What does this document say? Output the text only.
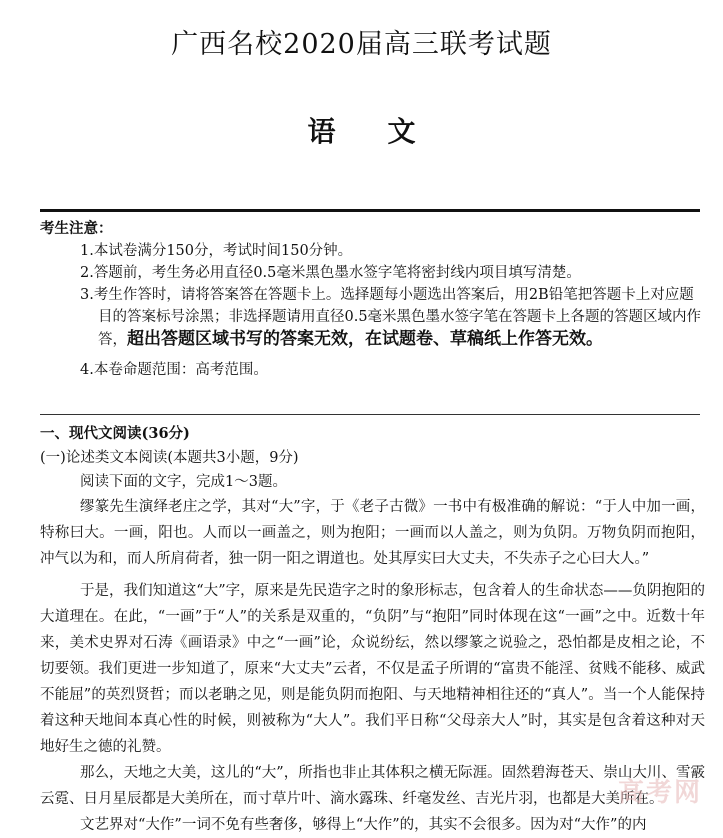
广西名校2020届高三联考试题
语文
考生注意：
1.本试卷满分150分，考试时间150分钟。
2.答题前，考生务必用直径0.5毫米黑色墨水签字笔将密封线内项目填写清楚。
3.考生作答时，请将答案答在答题卡上。选择题每小题选出答案后，用2B铅笔把答题卡上对应题目的答案标号涂黑；非选择题请用直径0.5毫米黑色墨水签字笔在答题卡上各题的答题区域内作答，超出答题区域书写的答案无效，在试题卷、草稿纸上作答无效。
4.本卷命题范围：高考范围。
一、现代文阅读(36分)
(一)论述类文本阅读(本题共3小题，9分)
阅读下面的文字，完成1～3题。
缪篆先生演绎老庄之学，其对“大”字，于《老子古微》一书中有极准确的解说：“于人中加一画，特称曰大。一画，阳也。人而以一画盖之，则为抱阳；一画而以人盖之，则为负阴。万物负阴而抱阳，冲气以为和，而人所肩荷者，独一阴一阳之谓道也。处其厚实曰大丈夫，不失赤子之心曰大人。”
于是，我们知道这“大”字，原来是先民造字之时的象形标志，包含着人的生命状态——负阴抱阳的大道理在。在此，“一画”于“人”的关系是双重的，“负阴”与“抱阳”同时体现在这“一画”之中。近数十年来，美术史界对石涛《画语录》中之“一画”论，众说纷纭，然以缪篆之说验之，恐怕都是皮相之论，不切要领。我们更进一步知道了，原来“大丈夫”云者，不仅是孟子所谓的“富贵不能淫、贫贱不能移、威武不能屈”的英烈贤哲；而以老聃之见，则是能负阴而抱阳、与天地精神相往还的“真人”。当一个人能保持着这种天地间本真心性的时候，则被称为“大人”。我们平日称“父母亲大人”时，其实是包含着这种对天地好生之德的礼赞。
那么，天地之大美，这儿的“大”，所指也非止其体积之横无际涯。固然碧海苍天、崇山大川、雪霰云霓、日月星辰都是大美所在，而寸草片叶、滴水露珠、纤毫发丝、吉光片羽，也都是大美所在。
文艺界对“大作”一词不免有些奢侈，够得上“大作”的，其实不会很多。因为对“大作”的内
高考网
